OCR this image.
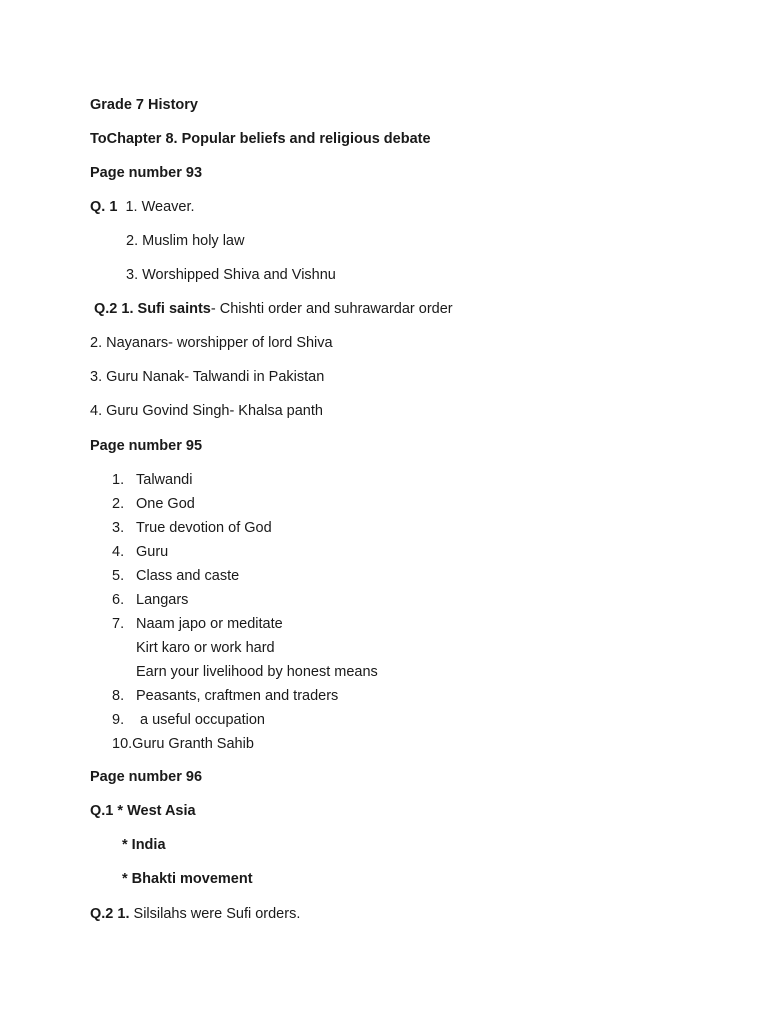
Grade 7 History
ToChapter 8. Popular beliefs and religious debate
Page number 93
Q. 1 1. Weaver.
2. Muslim holy law
3. Worshipped Shiva and Vishnu
Q.2 1. Sufi saints- Chishti order and suhrawardar order
2. Nayanars- worshipper of lord Shiva
3. Guru Nanak- Talwandi in Pakistan
4. Guru Govind Singh- Khalsa panth
Page number 95
1. Talwandi
2. One God
3. True devotion of God
4. Guru
5. Class and caste
6. Langars
7. Naam japo or meditate
Kirt karo or work hard
Earn your livelihood by honest means
8. Peasants, craftmen and traders
9. a useful occupation
10.Guru Granth Sahib
Page number 96
Q.1 * West Asia
* India
* Bhakti movement
Q.2 1. Silsilahs were Sufi orders.
